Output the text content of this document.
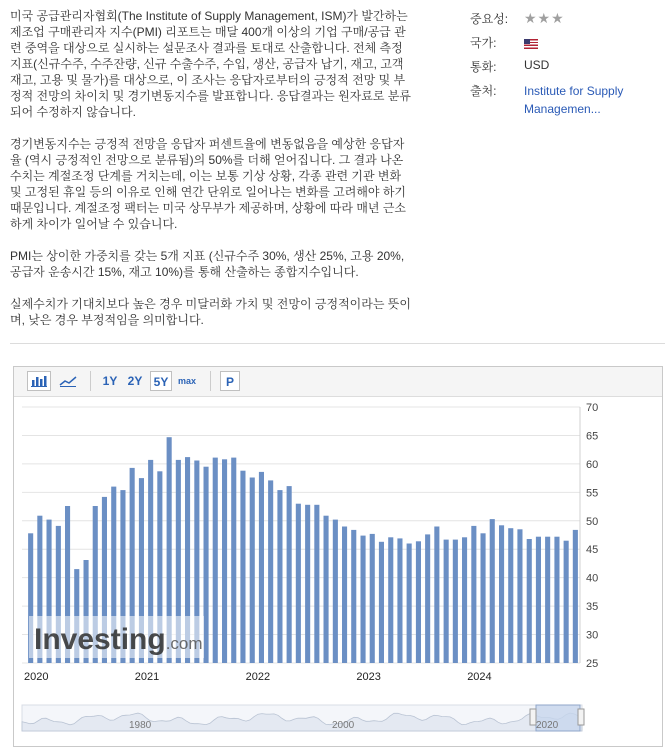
미국 공급관리자협회(The Institute of Supply Management, ISM)가 발간하는 제조업 구매관리자 지수(PMI) 리포트는 매달 400개 이상의 기업 구매/공급 관련 중역을 대상으로 실시하는 설문조사 결과를 토대로 산출합니다. 전체 측정 지표(신규수주, 수주잔량, 신규 수출수주, 수입, 생산, 공급자 납기, 재고, 고객재고, 고용 및 물가)를 대상으로, 이 조사는 응답자로부터의 긍정적 전망 및 부정적 전망의 차이치 및 경기변동지수를 발표합니다. 응답결과는 원자료로 분류되어 수정하지 않습니다.

경기변동지수는 긍정적 전망을 응답자 퍼센트율에 변동없음을 예상한 응답자율 (역시 긍정적인 전망으로 분류됨)의 50%를 더해 얻어집니다. 그 결과 나온 수치는 계절조정 단계를 거치는데, 이는 보통 기상 상황, 각종 관련 기관 변화 및 고정된 휴일 등의 이유로 인해 연간 단위로 일어나는 변화를 고려해야 하기 때문입니다. 계절조정 팩터는 미국 상무부가 제공하며, 상황에 따라 매년 근소하게 차이가 일어날 수 있습니다.

PMI는 상이한 가중치를 갖는 5개 지표 (신규수주 30%, 생산 25%, 고용 20%, 공급자 운송시간 15%, 재고 10%)를 통해 산출하는 종합지수입니다.

실제수치가 기대치보다 높은 경우 미달러화 가치 및 전망이 긍정적이라는 뜻이며, 낮은 경우 부정적임을 의미합니다.

중요성:	★★★
국가:
통화:	USD
출처:	Institute for Supply Managemen...
1Y 2Y 5Y	max	P
25
30
35
40
45
50
55
60
65
70
2020	2021	2022	2023	2024
Investing.com
1980	2000	2020
